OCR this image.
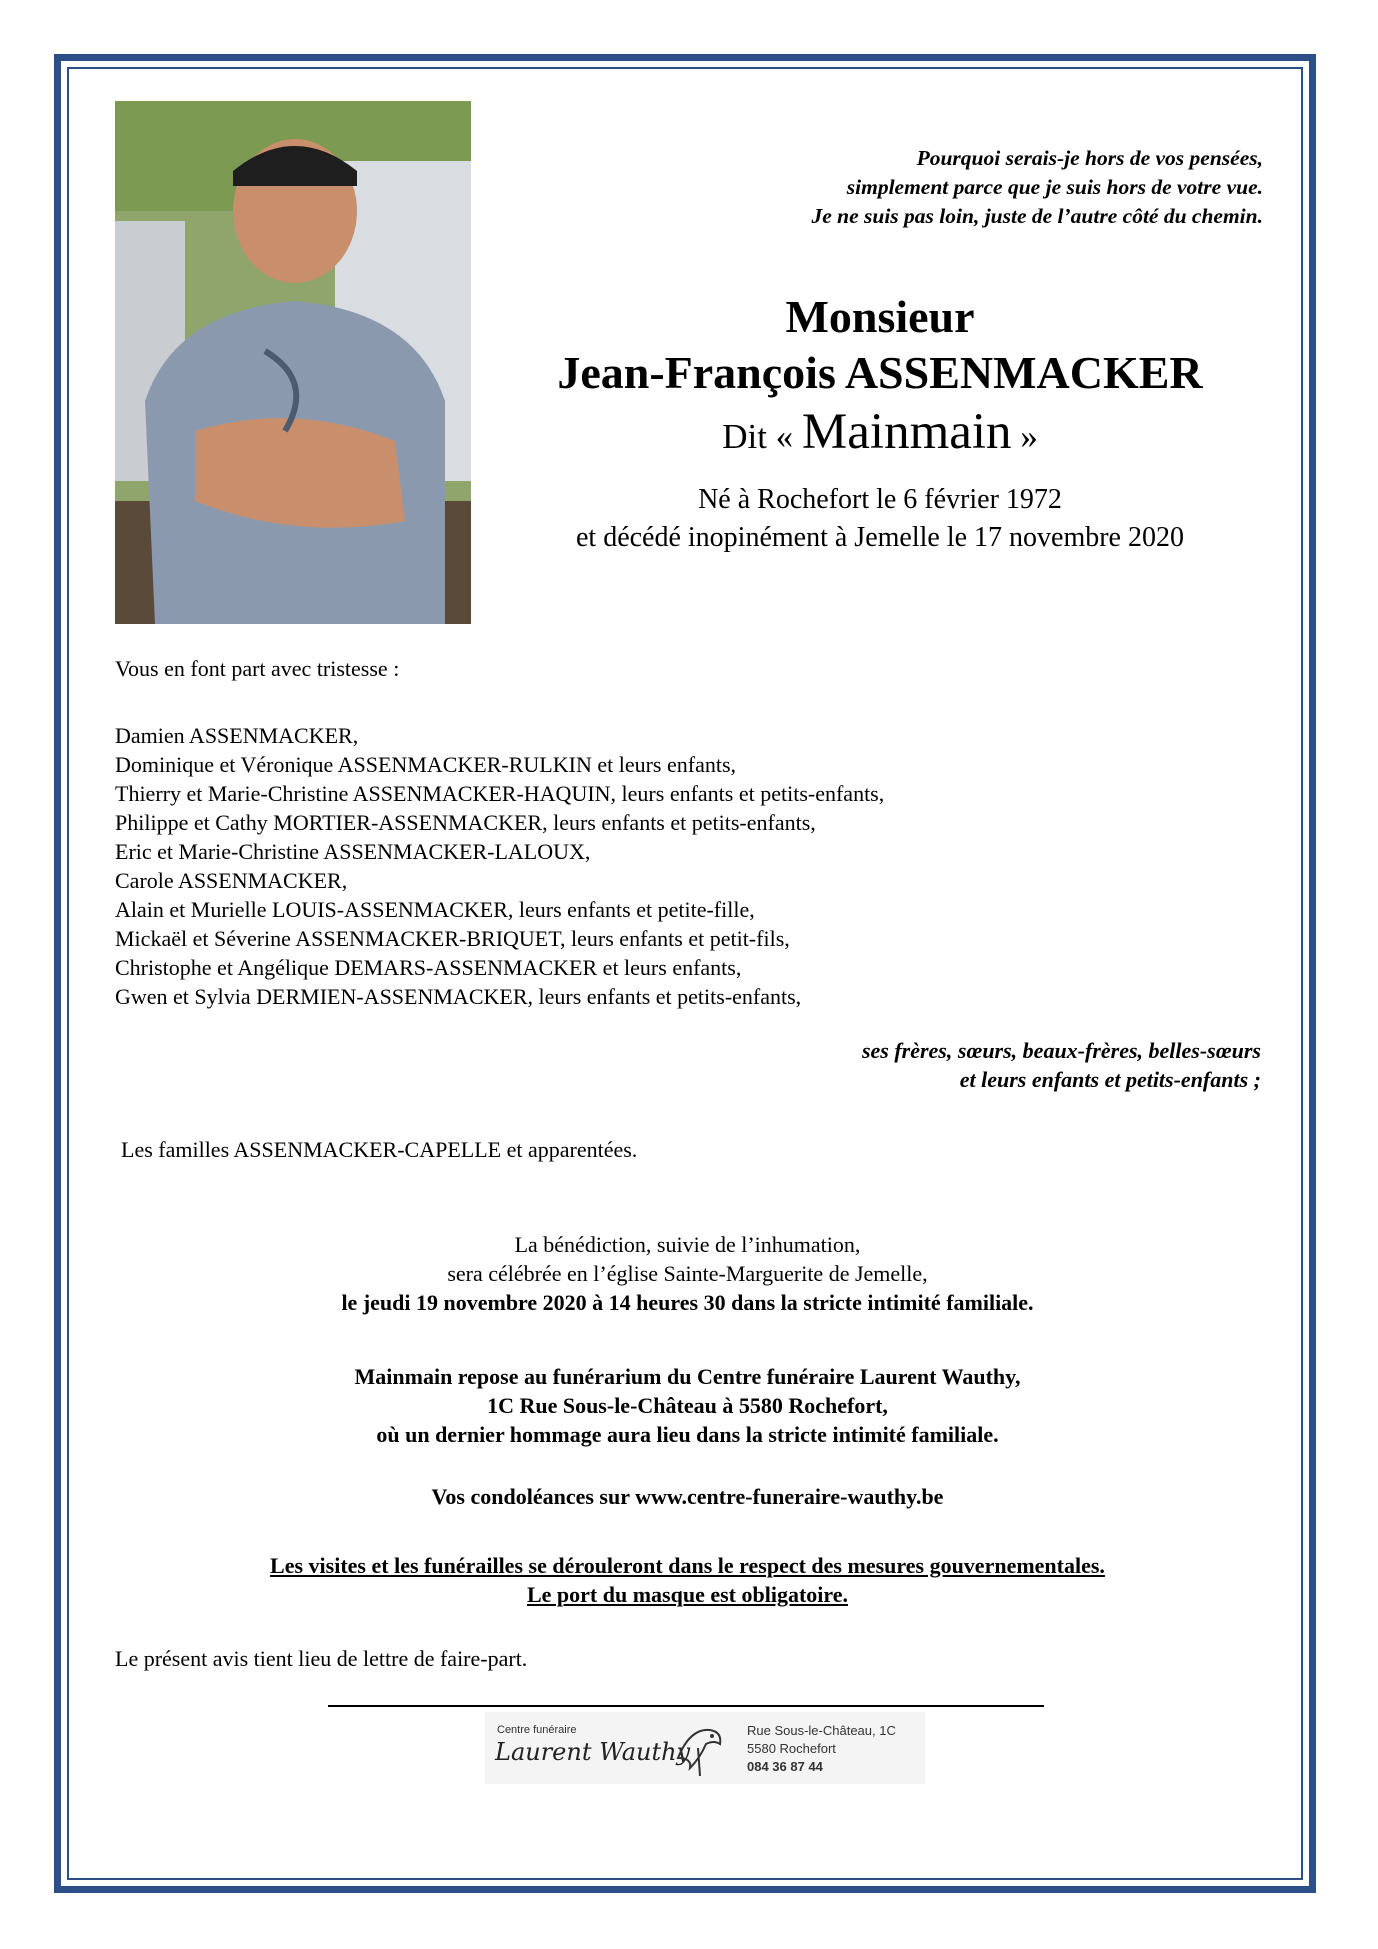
Pourquoi serais-je hors de vos pensées,
simplement parce que je suis hors de votre vue.
Je ne suis pas loin, juste de l’autre côté du chemin.
Monsieur
Jean-François ASSENMACKER
Dit « Mainmain »
Né à Rochefort le 6 février 1972
et décédé inopinément à Jemelle le 17 novembre 2020
Vous en font part avec tristesse :
Damien ASSENMACKER,
Dominique et Véronique ASSENMACKER-RULKIN et leurs enfants,
Thierry et Marie-Christine ASSENMACKER-HAQUIN, leurs enfants et petits-enfants,
Philippe et Cathy MORTIER-ASSENMACKER, leurs enfants et petits-enfants,
Eric et Marie-Christine ASSENMACKER-LALOUX,
Carole ASSENMACKER,
Alain et Murielle LOUIS-ASSENMACKER, leurs enfants et petite-fille,
Mickaël et Séverine ASSENMACKER-BRIQUET, leurs enfants et petit-fils,
Christophe et Angélique DEMARS-ASSENMACKER et leurs enfants,
Gwen et Sylvia DERMIEN-ASSENMACKER, leurs enfants et petits-enfants,
ses frères, sœurs, beaux-frères, belles-sœurs
et leurs enfants et petits-enfants ;
Les familles ASSENMACKER-CAPELLE et apparentées.
La bénédiction, suivie de l’inhumation,
sera célébrée en l’église Sainte-Marguerite de Jemelle,
le jeudi 19 novembre 2020 à 14 heures 30 dans la stricte intimité familiale.
Mainmain repose au funérarium du Centre funéraire Laurent Wauthy,
1C Rue Sous-le-Château à 5580 Rochefort,
où un dernier hommage aura lieu dans la stricte intimité familiale.
Vos condoléances sur www.centre-funeraire-wauthy.be
Les visites et les funérailles se dérouleront dans le respect des mesures gouvernementales.
Le port du masque est obligatoire.
Le présent avis tient lieu de lettre de faire-part.
Centre funéraire
Laurent Wauthy
Rue Sous-le-Château, 1C
5580 Rochefort
084 36 87 44
